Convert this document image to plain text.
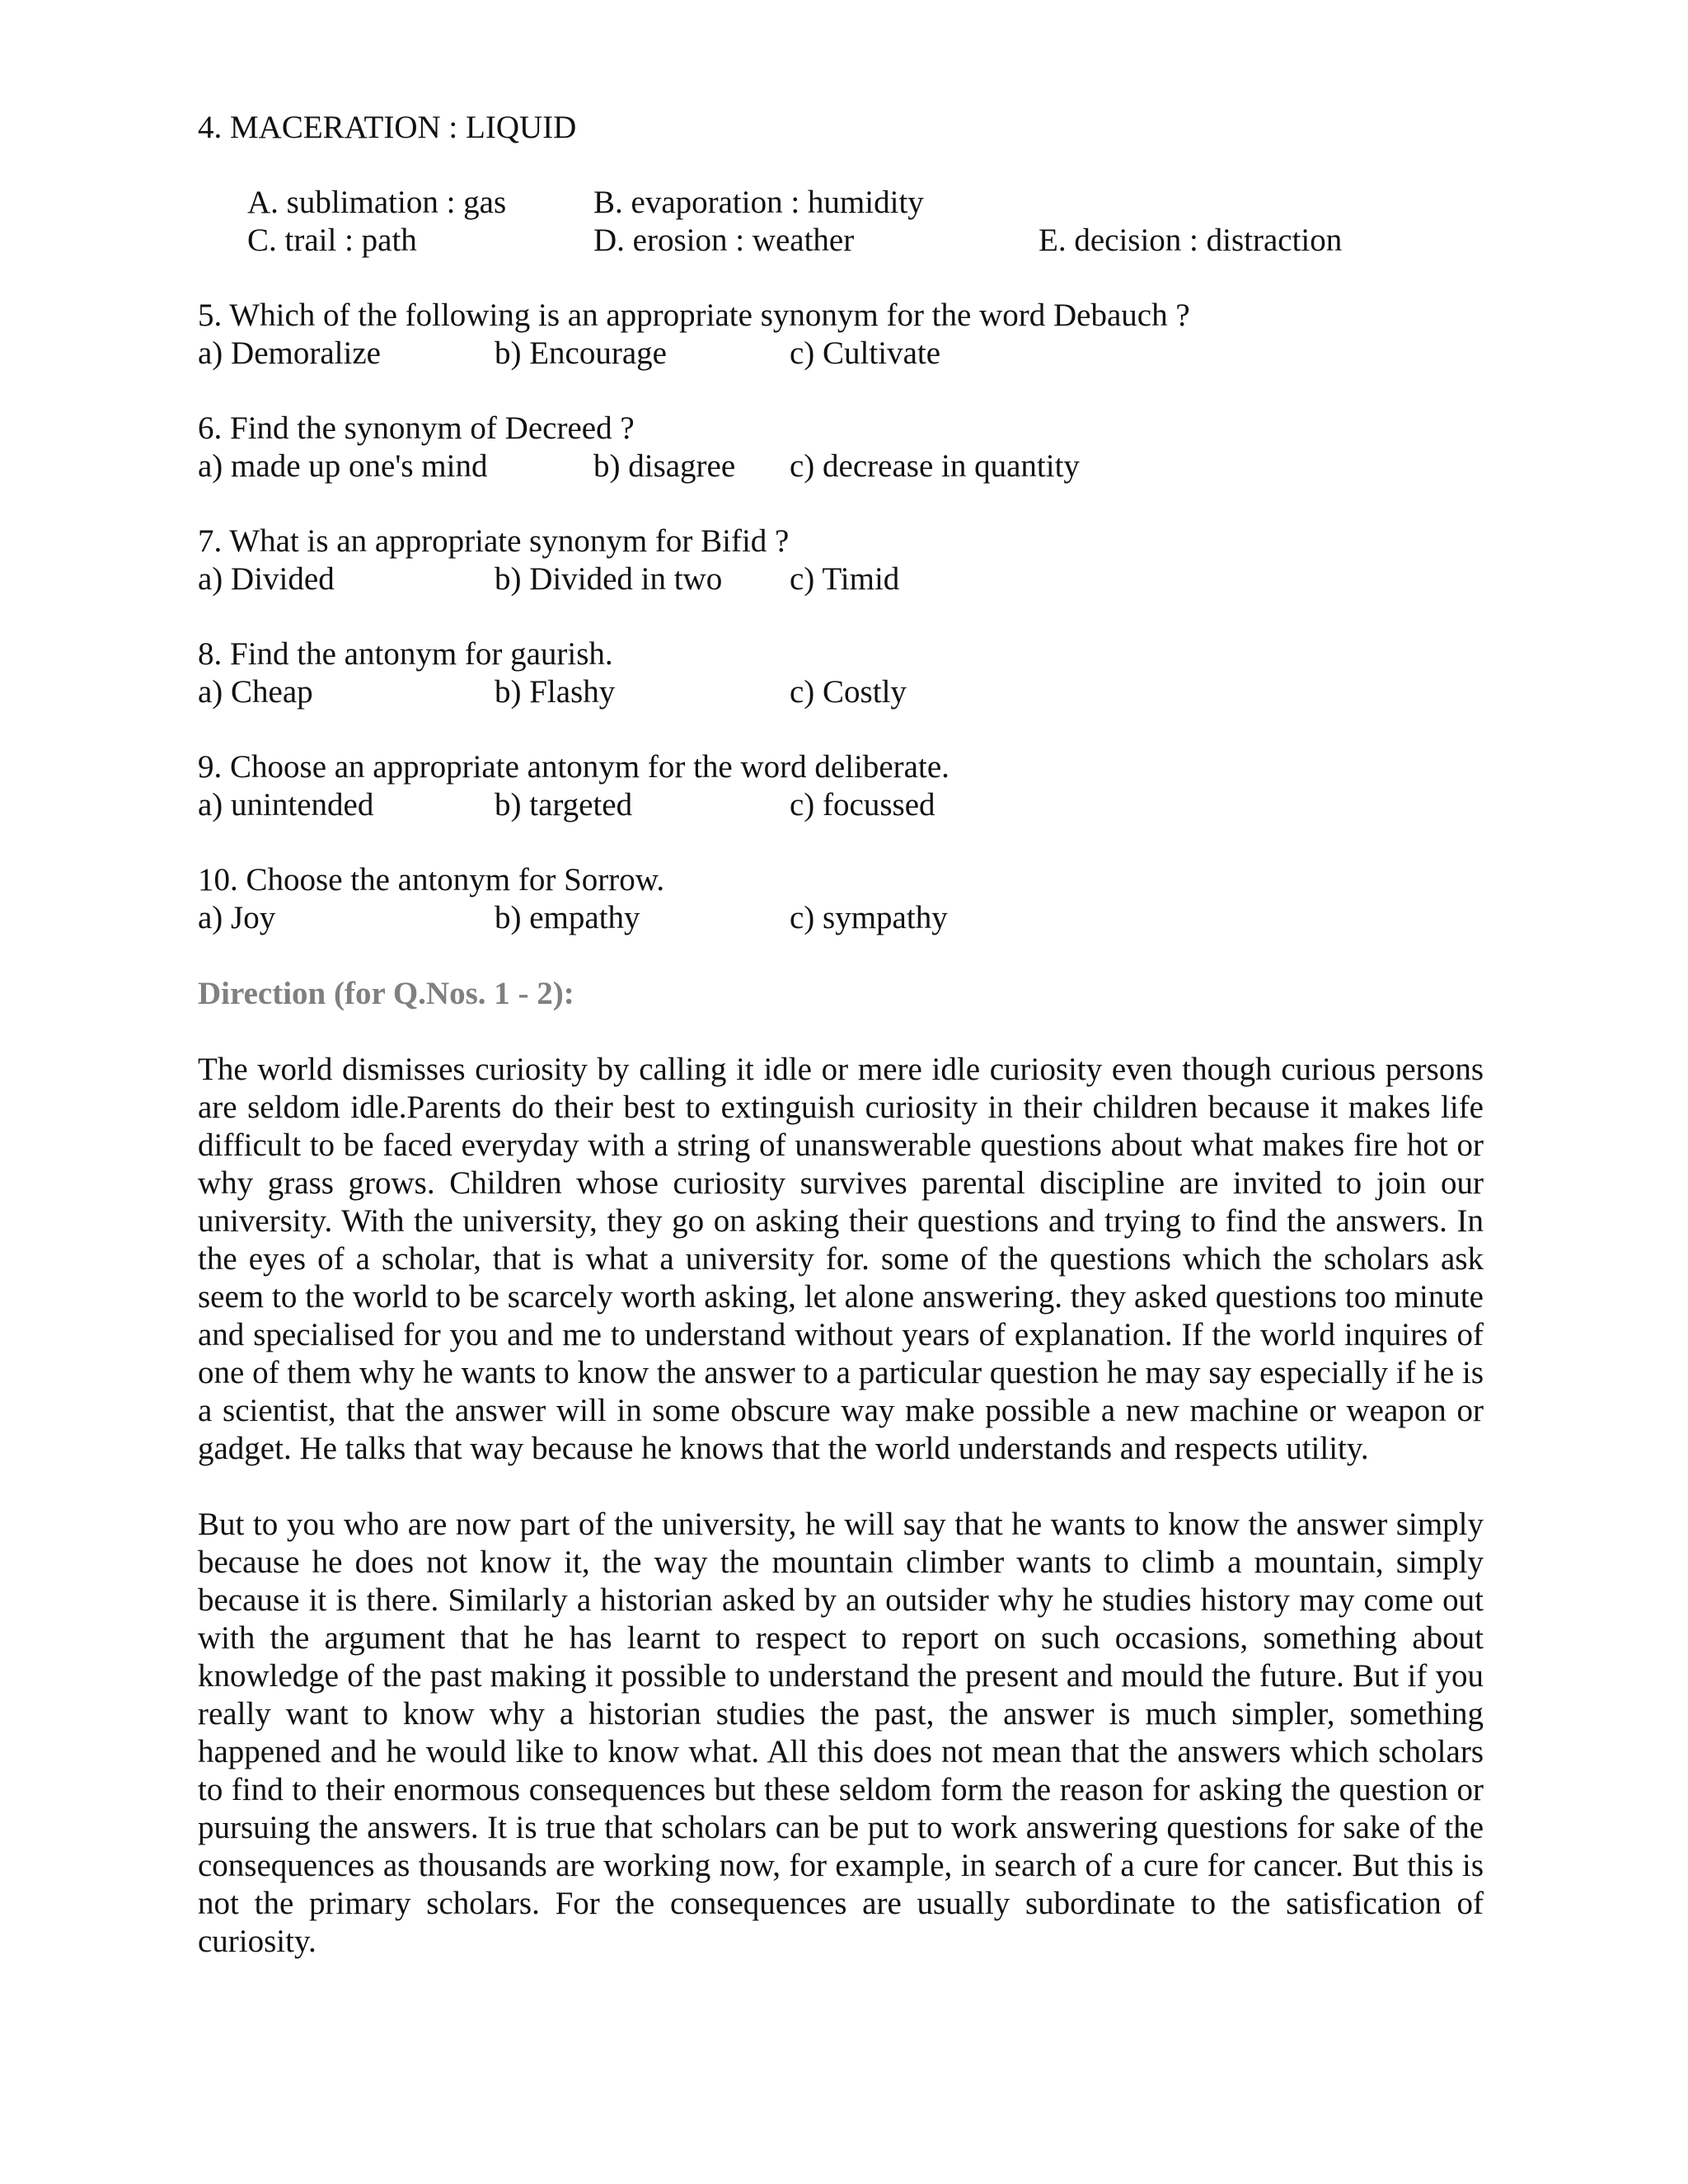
4. MACERATION : LIQUID

A. sublimation : gas	B. evaporation : humidity
C. trail : path	D. erosion : weather	E. decision : distraction

5. Which of the following is an appropriate synonym for the word Debauch ?

a) Demoralize	b) Encourage	c) Cultivate

6. Find the synonym of Decreed ?

a) made up one's mind	b) disagree c) decrease in quantity

7. What is an appropriate synonym for Bifid ?

a) Divided	b) Divided in two c) Timid

8. Find the antonym for gaurish.

a) Cheap	b) Flashy	c) Costly

9. Choose an appropriate antonym for the word deliberate.

a) unintended	b) targeted	c) focussed

10. Choose the antonym for Sorrow.

a) Joy	b) empathy	c) sympathy
Direction (for Q.Nos. 1 - 2):

The world dismisses curiosity by calling it idle or mere idle curiosity even though curious persons are seldom idle.Parents do their best to extinguish curiosity in their children because it makes life difficult to be faced everyday with a string of unanswerable questions about what makes fire hot or why grass grows. Children whose curiosity survives parental discipline are invited to join our university. With the university, they go on asking their questions and trying to find the answers. In the eyes of a scholar, that is what a university for. some of the questions which the scholars ask seem to the world to be scarcely worth asking, let alone answering. they asked questions too minute and specialised for you and me to understand without years of explanation. If the world inquires of one of them why he wants to know the answer to a particular question he may say especially if he is a scientist, that the answer will in some obscure way make possible a new machine or weapon or gadget. He talks that way because he knows that the world understands and respects utility.

But to you who are now part of the university, he will say that he wants to know the answer simply because he does not know it, the way the mountain climber wants to climb a mountain, simply because it is there. Similarly a historian asked by an outsider why he studies history may come out with the argument that he has learnt to respect to report on such occasions, something about knowledge of the past making it possible to understand the present and mould the future. But if you really want to know why a historian studies the past, the answer is much simpler, something happened and he would like to know what. All this does not mean that the answers which scholars to find to their enormous consequences but these seldom form the reason for asking the question or pursuing the answers. It is true that scholars can be put to work answering questions for sake of the consequences as thousands are working now, for example, in search of a cure for cancer. But this is not the primary scholars. For the consequences are usually subordinate to the satisfication of curiosity.
